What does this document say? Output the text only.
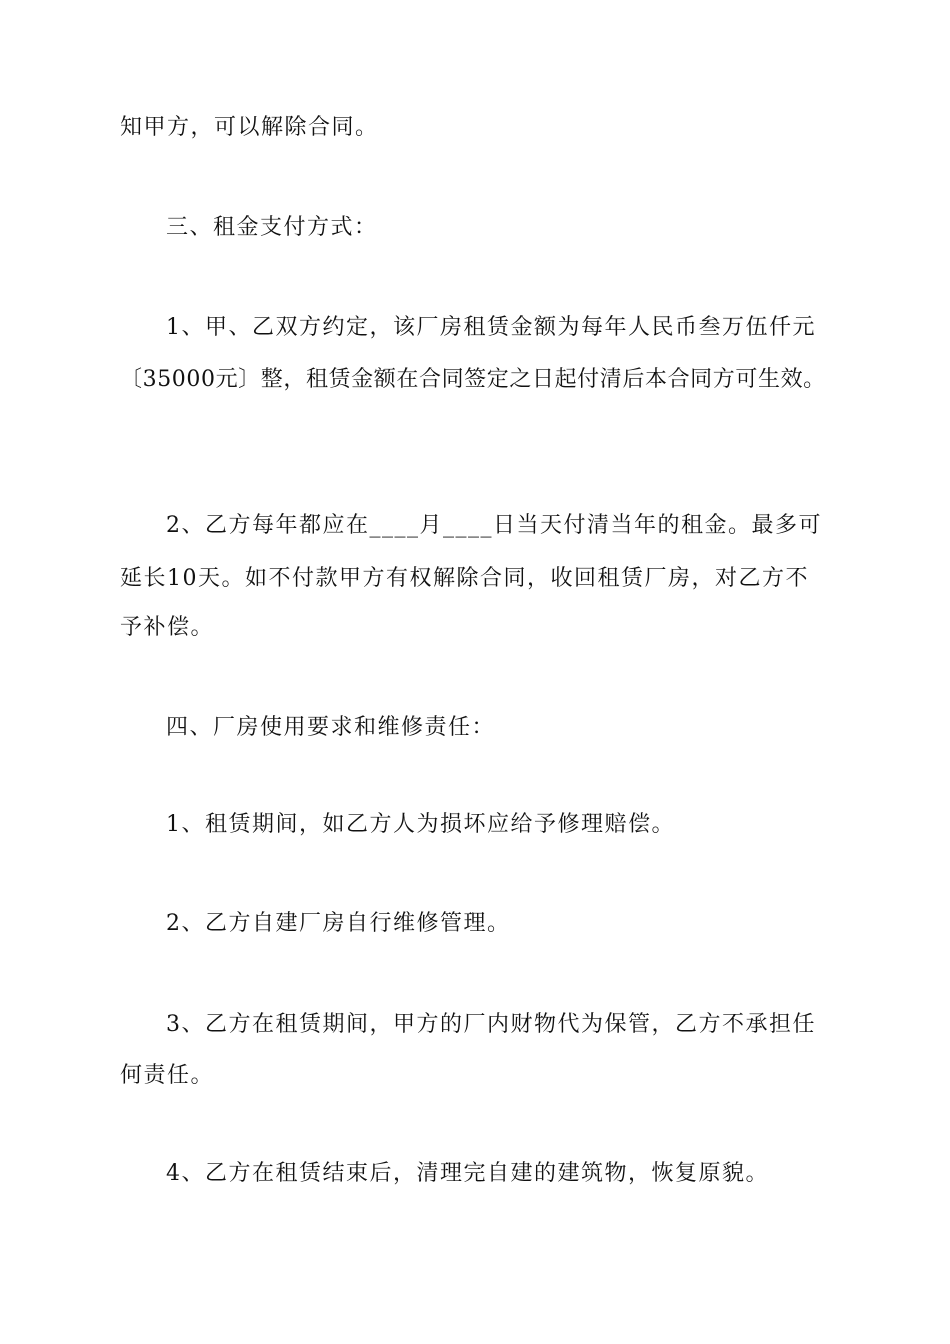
知甲方，可以解除合同。
三、租金支付方式：
1、甲、乙双方约定，该厂房租赁金额为每年人民币叁万伍仟元
〔35000元〕整，租赁金额在合同签定之日起付清后本合同方可生效。
2、乙方每年都应在____月____日当天付清当年的租金。最多可
延长10天。如不付款甲方有权解除合同，收回租赁厂房，对乙方不
予补偿。
四、厂房使用要求和维修责任：
1、租赁期间，如乙方人为损坏应给予修理赔偿。
2、乙方自建厂房自行维修管理。
3、乙方在租赁期间，甲方的厂内财物代为保管，乙方不承担任
何责任。
4、乙方在租赁结束后，清理完自建的建筑物，恢复原貌。
